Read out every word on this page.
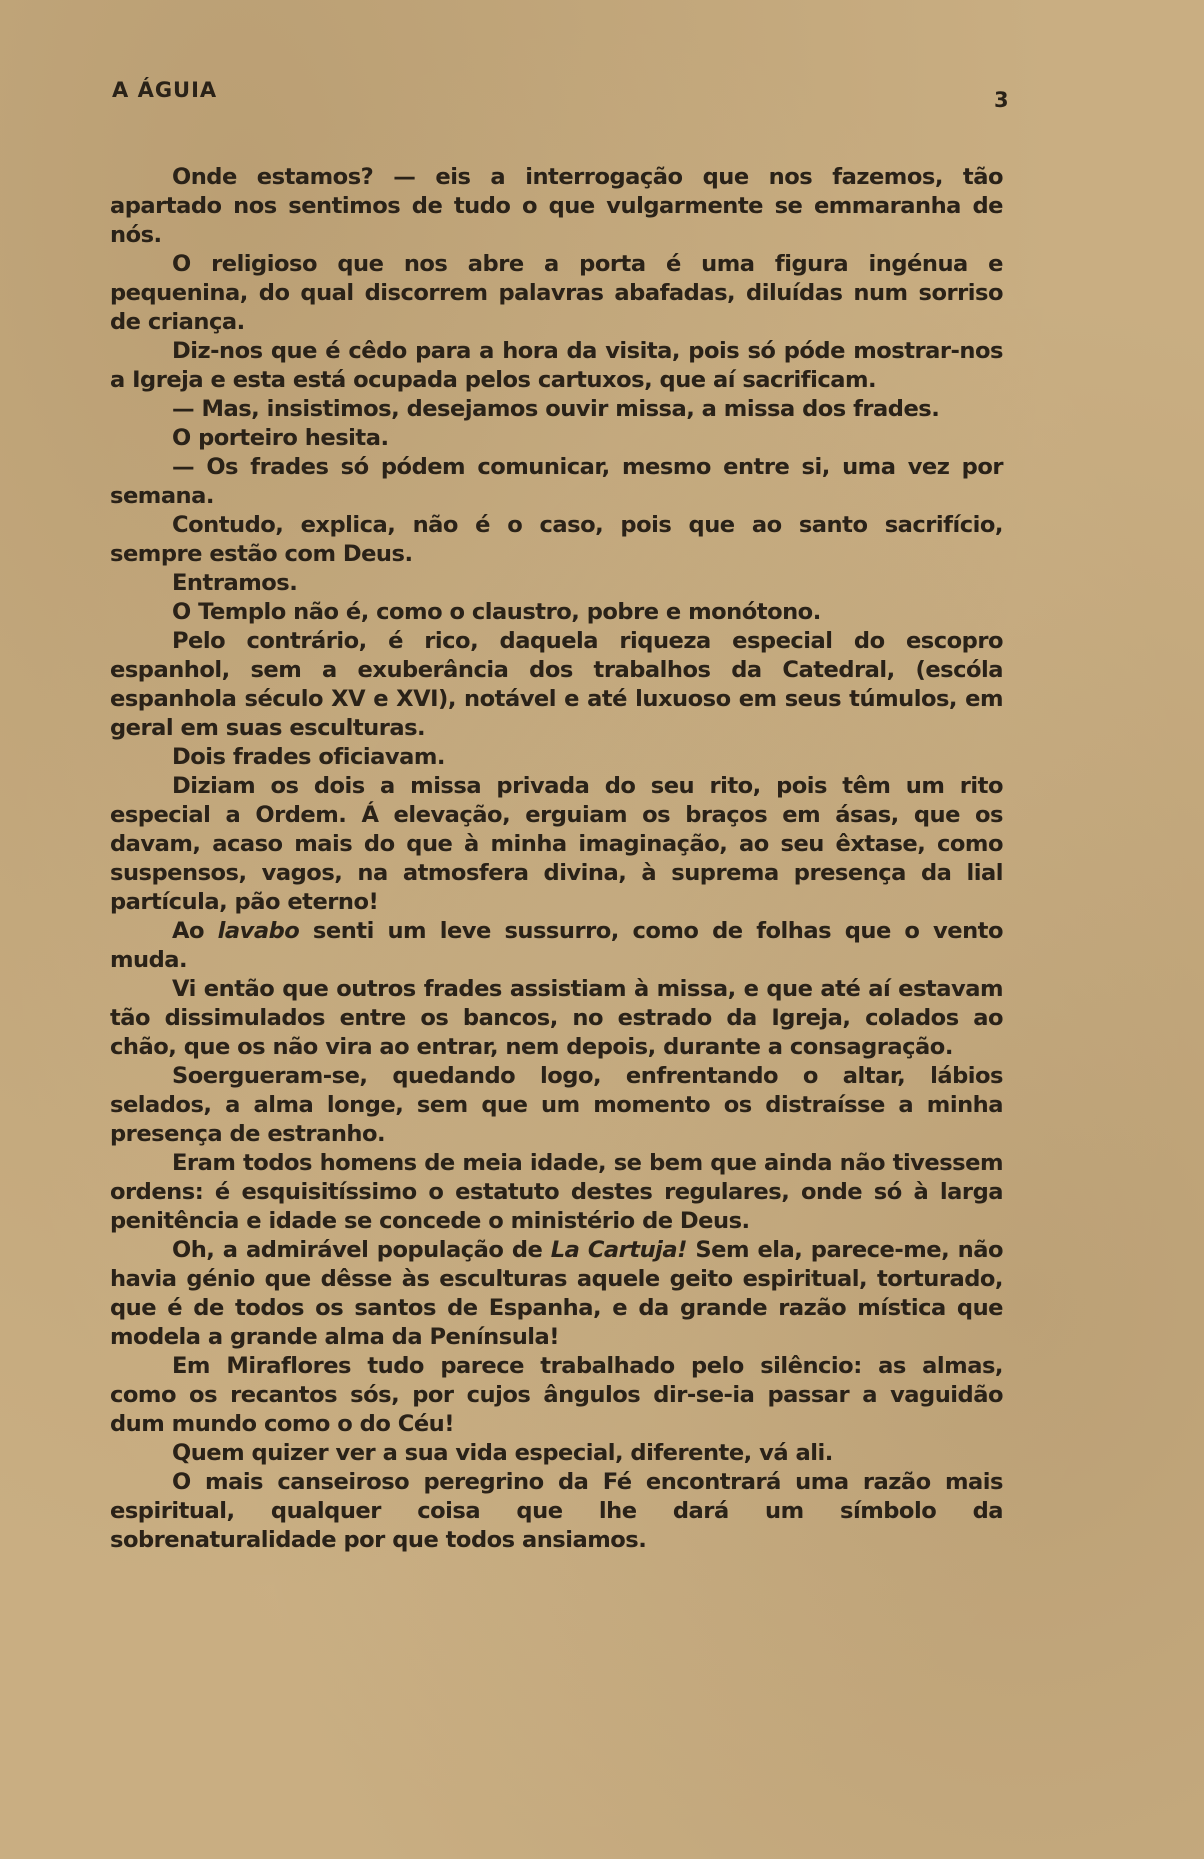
A ÁGUIA	3

Onde estamos? — eis a interrogação que nos fazemos, tão apartado nos sentimos de tudo o que vulgarmente se emmaranha de nós.

O religioso que nos abre a porta é uma figura ingénua e pequenina, do qual discorrem palavras abafadas, diluídas num sorriso de criança.

Diz-nos que é cêdo para a hora da visita, pois só póde mostrar-nos a Igreja e esta está ocupada pelos cartuxos, que aí sacrificam.

— Mas, insistimos, desejamos ouvir missa, a missa dos frades.

O porteiro hesita.

— Os frades só pódem comunicar, mesmo entre si, uma vez por semana.

Contudo, explica, não é o caso, pois que ao santo sacrifício, sempre estão com Deus.

Entramos.

O Templo não é, como o claustro, pobre e monótono.

Pelo contrário, é rico, daquela riqueza especial do escopro espanhol, sem a exuberância dos trabalhos da Catedral, (escóla espanhola século XV e XVI), notável e até luxuoso em seus túmulos, em geral em suas esculturas.

Dois frades oficiavam.

Diziam os dois a missa privada do seu rito, pois têm um rito especial a Ordem. Á elevação, erguiam os braços em ásas, que os davam, acaso mais do que à minha imaginação, ao seu êxtase, como suspensos, vagos, na atmosfera divina, à suprema presença da lial partícula, pão eterno!

Ao lavabo senti um leve sussurro, como de folhas que o vento muda.

Vi então que outros frades assistiam à missa, e que até aí estavam tão dissimulados entre os bancos, no estrado da Igreja, colados ao chão, que os não vira ao entrar, nem depois, durante a consagração.

Soergueram-se, quedando logo, enfrentando o altar, lábios selados, a alma longe, sem que um momento os distraísse a minha presença de estranho.

Eram todos homens de meia idade, se bem que ainda não tivessem ordens: é esquisitíssimo o estatuto destes regulares, onde só à larga penitência e idade se concede o ministério de Deus.

Oh, a admirável população de La Cartuja! Sem ela, parece-me, não havia génio que dêsse às esculturas aquele geito espiritual, torturado, que é de todos os santos de Espanha, e da grande razão mística que modela a grande alma da Península!

Em Miraflores tudo parece trabalhado pelo silêncio: as almas, como os recantos sós, por cujos ângulos dir-se-ia passar a vaguidão dum mundo como o do Céu!

Quem quizer ver a sua vida especial, diferente, vá ali.

O mais canseiroso peregrino da Fé encontrará uma razão mais espiritual, qualquer coisa que lhe dará um símbolo da sobrenaturalidade por que todos ansiamos.
